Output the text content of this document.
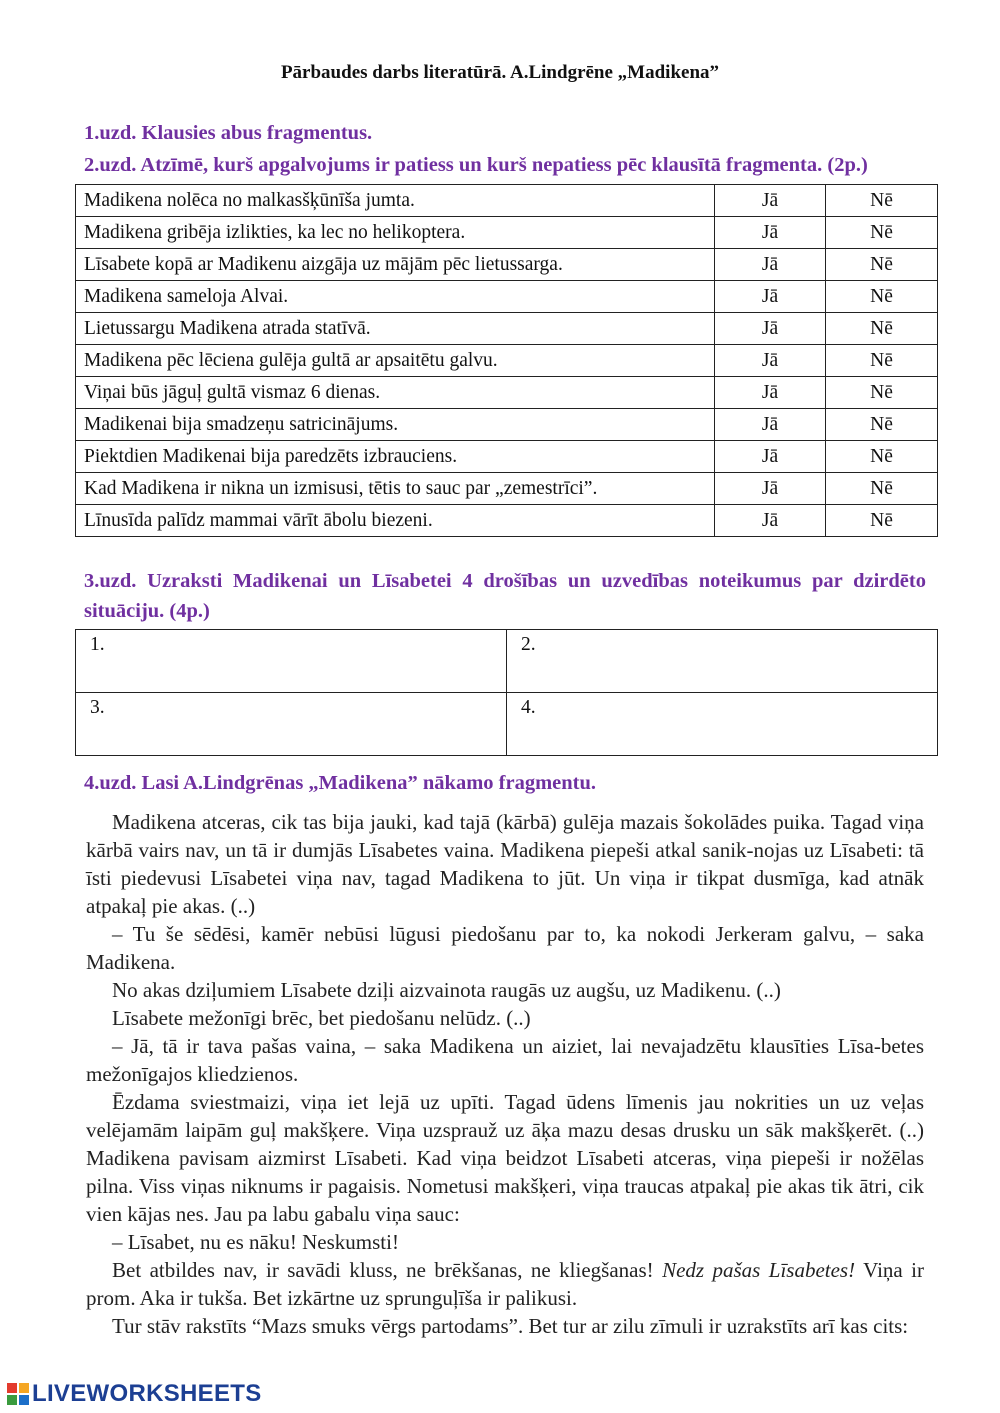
Pārbaudes darbs literatūrā. A.Lindgrēne „Madikena”
1.uzd. Klausies abus fragmentus.
2.uzd. Atzīmē, kurš apgalvojums ir patiess un kurš nepatiess pēc klausītā fragmenta. (2p.)
Madikena nolēca no malkasšķūnīša jumta.	Jā	Nē
Madikena gribēja izlikties, ka lec no helikoptera.	Jā	Nē
Līsabete kopā ar Madikenu aizgāja uz mājām pēc lietussarga.	Jā	Nē
Madikena sameloja Alvai.	Jā	Nē
Lietussargu Madikena atrada statīvā.	Jā	Nē
Madikena pēc lēciena gulēja gultā ar apsaitētu galvu.	Jā	Nē
Viņai būs jāguļ gultā vismaz 6 dienas.	Jā	Nē
Madikenai bija smadzeņu satricinājums.	Jā	Nē
Piektdien Madikenai bija paredzēts izbrauciens.	Jā	Nē
Kad Madikena ir nikna un izmisusi, tētis to sauc par „zemestrīci”.	Jā	Nē
Līnusīda palīdz mammai vārīt ābolu biezeni.	Jā	Nē
3.uzd. Uzraksti Madikenai un Līsabetei 4 drošības un uzvedības noteikumus par dzirdēto situāciju. (4p.)
1.	2.
3.	4.
4.uzd. Lasi A.Lindgrēnas „Madikena” nākamo fragmentu.

Madikena atceras, cik tas bija jauki, kad tajā (kārbā) gulēja mazais šokolādes puika. Tagad viņa kārbā vairs nav, un tā ir dumjās Līsabetes vaina. Madikena piepeši atkal sanik-nojas uz Līsabeti: tā īsti piedevusi Līsabetei viņa nav, tagad Madikena to jūt. Un viņa ir tikpat dusmīga, kad atnāk atpakaļ pie akas. (..)

– Tu še sēdēsi, kamēr nebūsi lūgusi piedošanu par to, ka nokodi Jerkeram galvu, – saka Madikena.

No akas dziļumiem Līsabete dziļi aizvainota raugās uz augšu, uz Madikenu. (..)

Līsabete mežonīgi brēc, bet piedošanu nelūdz. (..)

– Jā, tā ir tava pašas vaina, – saka Madikena un aiziet, lai nevajadzētu klausīties Līsa-betes mežonīgajos kliedzienos.

Ēzdama sviestmaizi, viņa iet lejā uz upīti. Tagad ūdens līmenis jau nokrities un uz veļas velējamām laipām guļ makšķere. Viņa uzsprauž uz āķa mazu desas drusku un sāk makšķerēt. (..) Madikena pavisam aizmirst Līsabeti. Kad viņa beidzot Līsabeti atceras, viņa piepeši ir nožēlas pilna. Viss viņas niknums ir pagaisis. Nometusi makšķeri, viņa traucas atpakaļ pie akas tik ātri, cik vien kājas nes. Jau pa labu gabalu viņa sauc:

– Līsabet, nu es nāku! Neskumsti!

Bet atbildes nav, ir savādi kluss, ne brēkšanas, ne kliegšanas! Nedz pašas Līsabetes! Viņa ir prom. Aka ir tukša. Bet izkārtne uz sprunguļīša ir palikusi.

Tur stāv rakstīts “Mazs smuks vērgs partodams”. Bet tur ar zilu zīmuli ir uzrakstīts arī kas cits:

LIVEWORKSHEETS
